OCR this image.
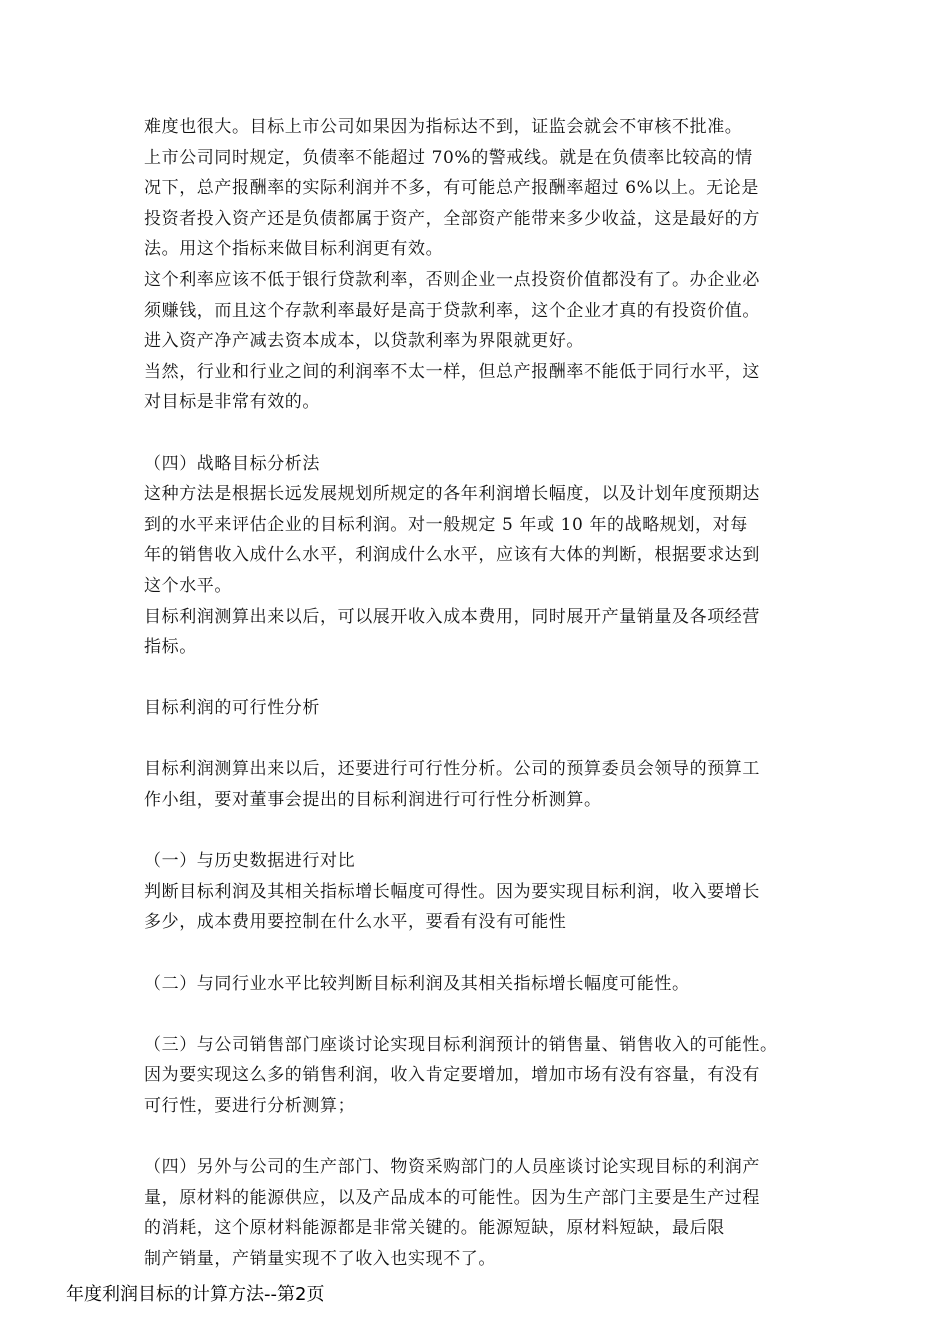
难度也很大。目标上市公司如果因为指标达不到，证监会就会不审核不批准。
上市公司同时规定，负债率不能超过 70%的警戒线。就是在负债率比较高的情
况下，总产报酬率的实际利润并不多，有可能总产报酬率超过 6%以上。无论是
投资者投入资产还是负债都属于资产，全部资产能带来多少收益，这是最好的方
法。用这个指标来做目标利润更有效。
这个利率应该不低于银行贷款利率，否则企业一点投资价值都没有了。办企业必
须赚钱，而且这个存款利率最好是高于贷款利率，这个企业才真的有投资价值。
进入资产净产减去资本成本，以贷款利率为界限就更好。
当然，行业和行业之间的利润率不太一样，但总产报酬率不能低于同行水平，这
对目标是非常有效的。
（四）战略目标分析法
这种方法是根据长远发展规划所规定的各年利润增长幅度，以及计划年度预期达
到的水平来评估企业的目标利润。对一般规定 5 年或 10 年的战略规划，对每
年的销售收入成什么水平，利润成什么水平，应该有大体的判断，根据要求达到
这个水平。
目标利润测算出来以后，可以展开收入成本费用，同时展开产量销量及各项经营
指标。
目标利润的可行性分析
目标利润测算出来以后，还要进行可行性分析。公司的预算委员会领导的预算工
作小组，要对董事会提出的目标利润进行可行性分析测算。
（一）与历史数据进行对比
判断目标利润及其相关指标增长幅度可得性。因为要实现目标利润，收入要增长
多少，成本费用要控制在什么水平，要看有没有可能性
（二）与同行业水平比较判断目标利润及其相关指标增长幅度可能性。
（三）与公司销售部门座谈讨论实现目标利润预计的销售量、销售收入的可能性。
因为要实现这么多的销售利润，收入肯定要增加，增加市场有没有容量，有没有
可行性，要进行分析测算；
（四）另外与公司的生产部门、物资采购部门的人员座谈讨论实现目标的利润产
量，原材料的能源供应，以及产品成本的可能性。因为生产部门主要是生产过程
的消耗，这个原材料能源都是非常关键的。能源短缺，原材料短缺，最后限
制产销量，产销量实现不了收入也实现不了。
年度利润目标的计算方法--第2页
